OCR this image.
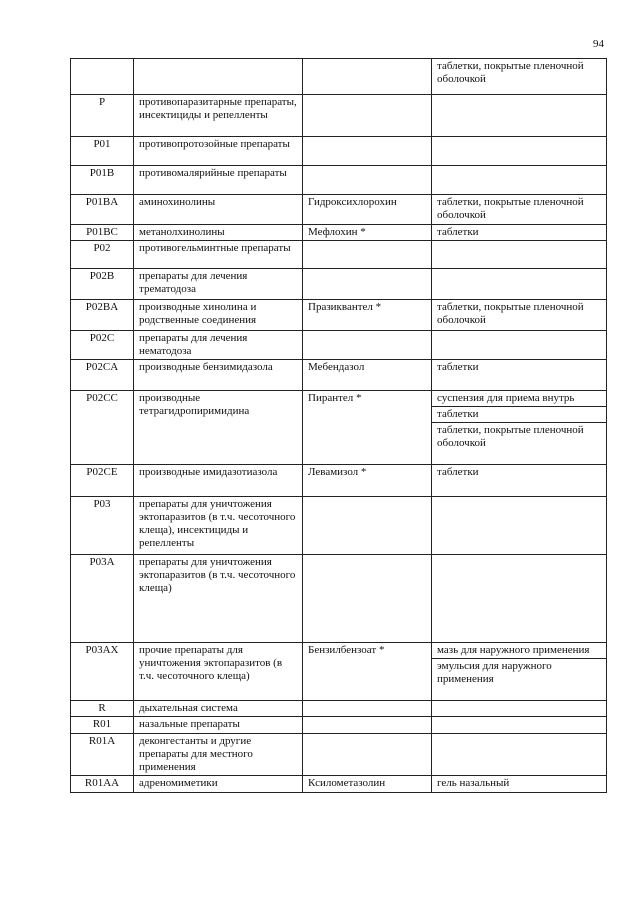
94

			таблетки, покрытые пленочной оболочкой

P	противопаразитарные препараты, инсектициды и репелленты		
P01	противопротозойные препараты		
P01B	противомалярийные препараты		
P01BA	аминохинолины	Гидроксихлорохин	таблетки, покрытые пленочной оболочкой

P01BC	метанолхинолины	Мефлохин *	таблетки

P02	противогельминтные препараты		
P02B	препараты для лечения трематодоза		
P02BA	производные хинолина и родственные соединения	Празиквантел *	таблетки, покрытые пленочной оболочкой

P02C	препараты для лечения нематодоза		
P02CA	производные бензимидазола	Мебендазол	таблетки

P02CC	производные тетрагидропиримидина	Пирантел *	суспензия для приема внутрь
таблетки
таблетки, покрытые пленочной оболочкой

P02CE	производные имидазотиазола	Левамизол *	таблетки

P03	препараты для уничтожения эктопаразитов (в т.ч. чесоточного клеща), инсектициды и репелленты		
P03A	препараты для уничтожения эктопаразитов (в т.ч. чесоточного клеща)		
P03AX	прочие препараты для уничтожения эктопаразитов (в т.ч. чесоточного клеща)	Бензилбензоат *	мазь для наружного применения
эмульсия для наружного применения

R	дыхательная система		
R01	назальные препараты		
R01A	деконгестанты и другие препараты для местного применения		
R01AA	адреномиметики	Ксилометазолин	гель назальный
